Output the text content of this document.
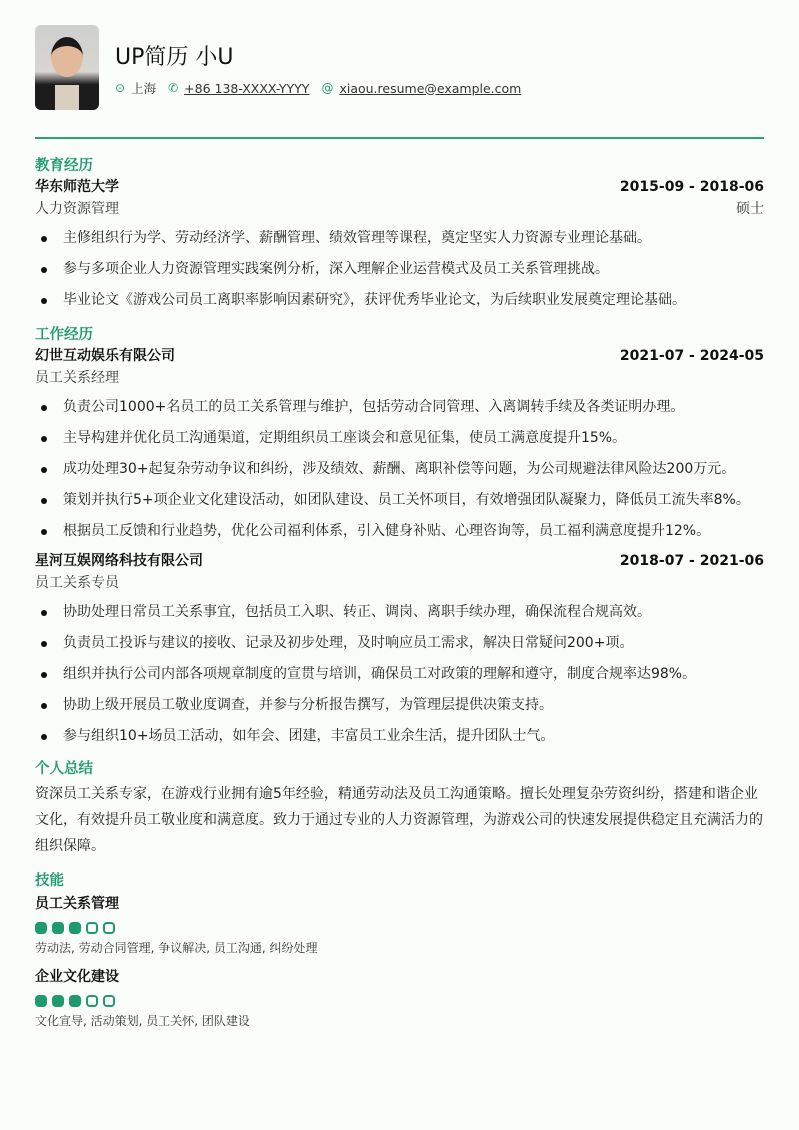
UP简历 小U
⊙ 上海 ✆ +86 138-XXXX-YYYY @ xiaou.resume@example.com
教育经历
华东师范大学	2015-09 - 2018-06
人力资源管理	硕士
主修组织行为学、劳动经济学、薪酬管理、绩效管理等课程，奠定坚实人力资源专业理论基础。
参与多项企业人力资源管理实践案例分析，深入理解企业运营模式及员工关系管理挑战。
毕业论文《游戏公司员工离职率影响因素研究》，获评优秀毕业论文，为后续职业发展奠定理论基础。
工作经历
幻世互动娱乐有限公司	2021-07 - 2024-05
员工关系经理
负责公司1000+名员工的员工关系管理与维护，包括劳动合同管理、入离调转手续及各类证明办理。
主导构建并优化员工沟通渠道，定期组织员工座谈会和意见征集，使员工满意度提升15%。
成功处理30+起复杂劳动争议和纠纷，涉及绩效、薪酬、离职补偿等问题，为公司规避法律风险达200万元。
策划并执行5+项企业文化建设活动，如团队建设、员工关怀项目，有效增强团队凝聚力，降低员工流失率8%。
根据员工反馈和行业趋势，优化公司福利体系，引入健身补贴、心理咨询等，员工福利满意度提升12%。
星河互娱网络科技有限公司	2018-07 - 2021-06
员工关系专员
协助处理日常员工关系事宜，包括员工入职、转正、调岗、离职手续办理，确保流程合规高效。
负责员工投诉与建议的接收、记录及初步处理，及时响应员工需求，解决日常疑问200+项。
组织并执行公司内部各项规章制度的宣贯与培训，确保员工对政策的理解和遵守，制度合规率达98%。
协助上级开展员工敬业度调查，并参与分析报告撰写，为管理层提供决策支持。
参与组织10+场员工活动，如年会、团建，丰富员工业余生活，提升团队士气。
个人总结
资深员工关系专家，在游戏行业拥有逾5年经验，精通劳动法及员工沟通策略。擅长处理复杂劳资纠纷，搭建和谐企业文化，有效提升员工敬业度和满意度。致力于通过专业的人力资源管理，为游戏公司的快速发展提供稳定且充满活力的组织保障。
技能
员工关系管理
劳动法, 劳动合同管理, 争议解决, 员工沟通, 纠纷处理
企业文化建设
文化宣导, 活动策划, 员工关怀, 团队建设
